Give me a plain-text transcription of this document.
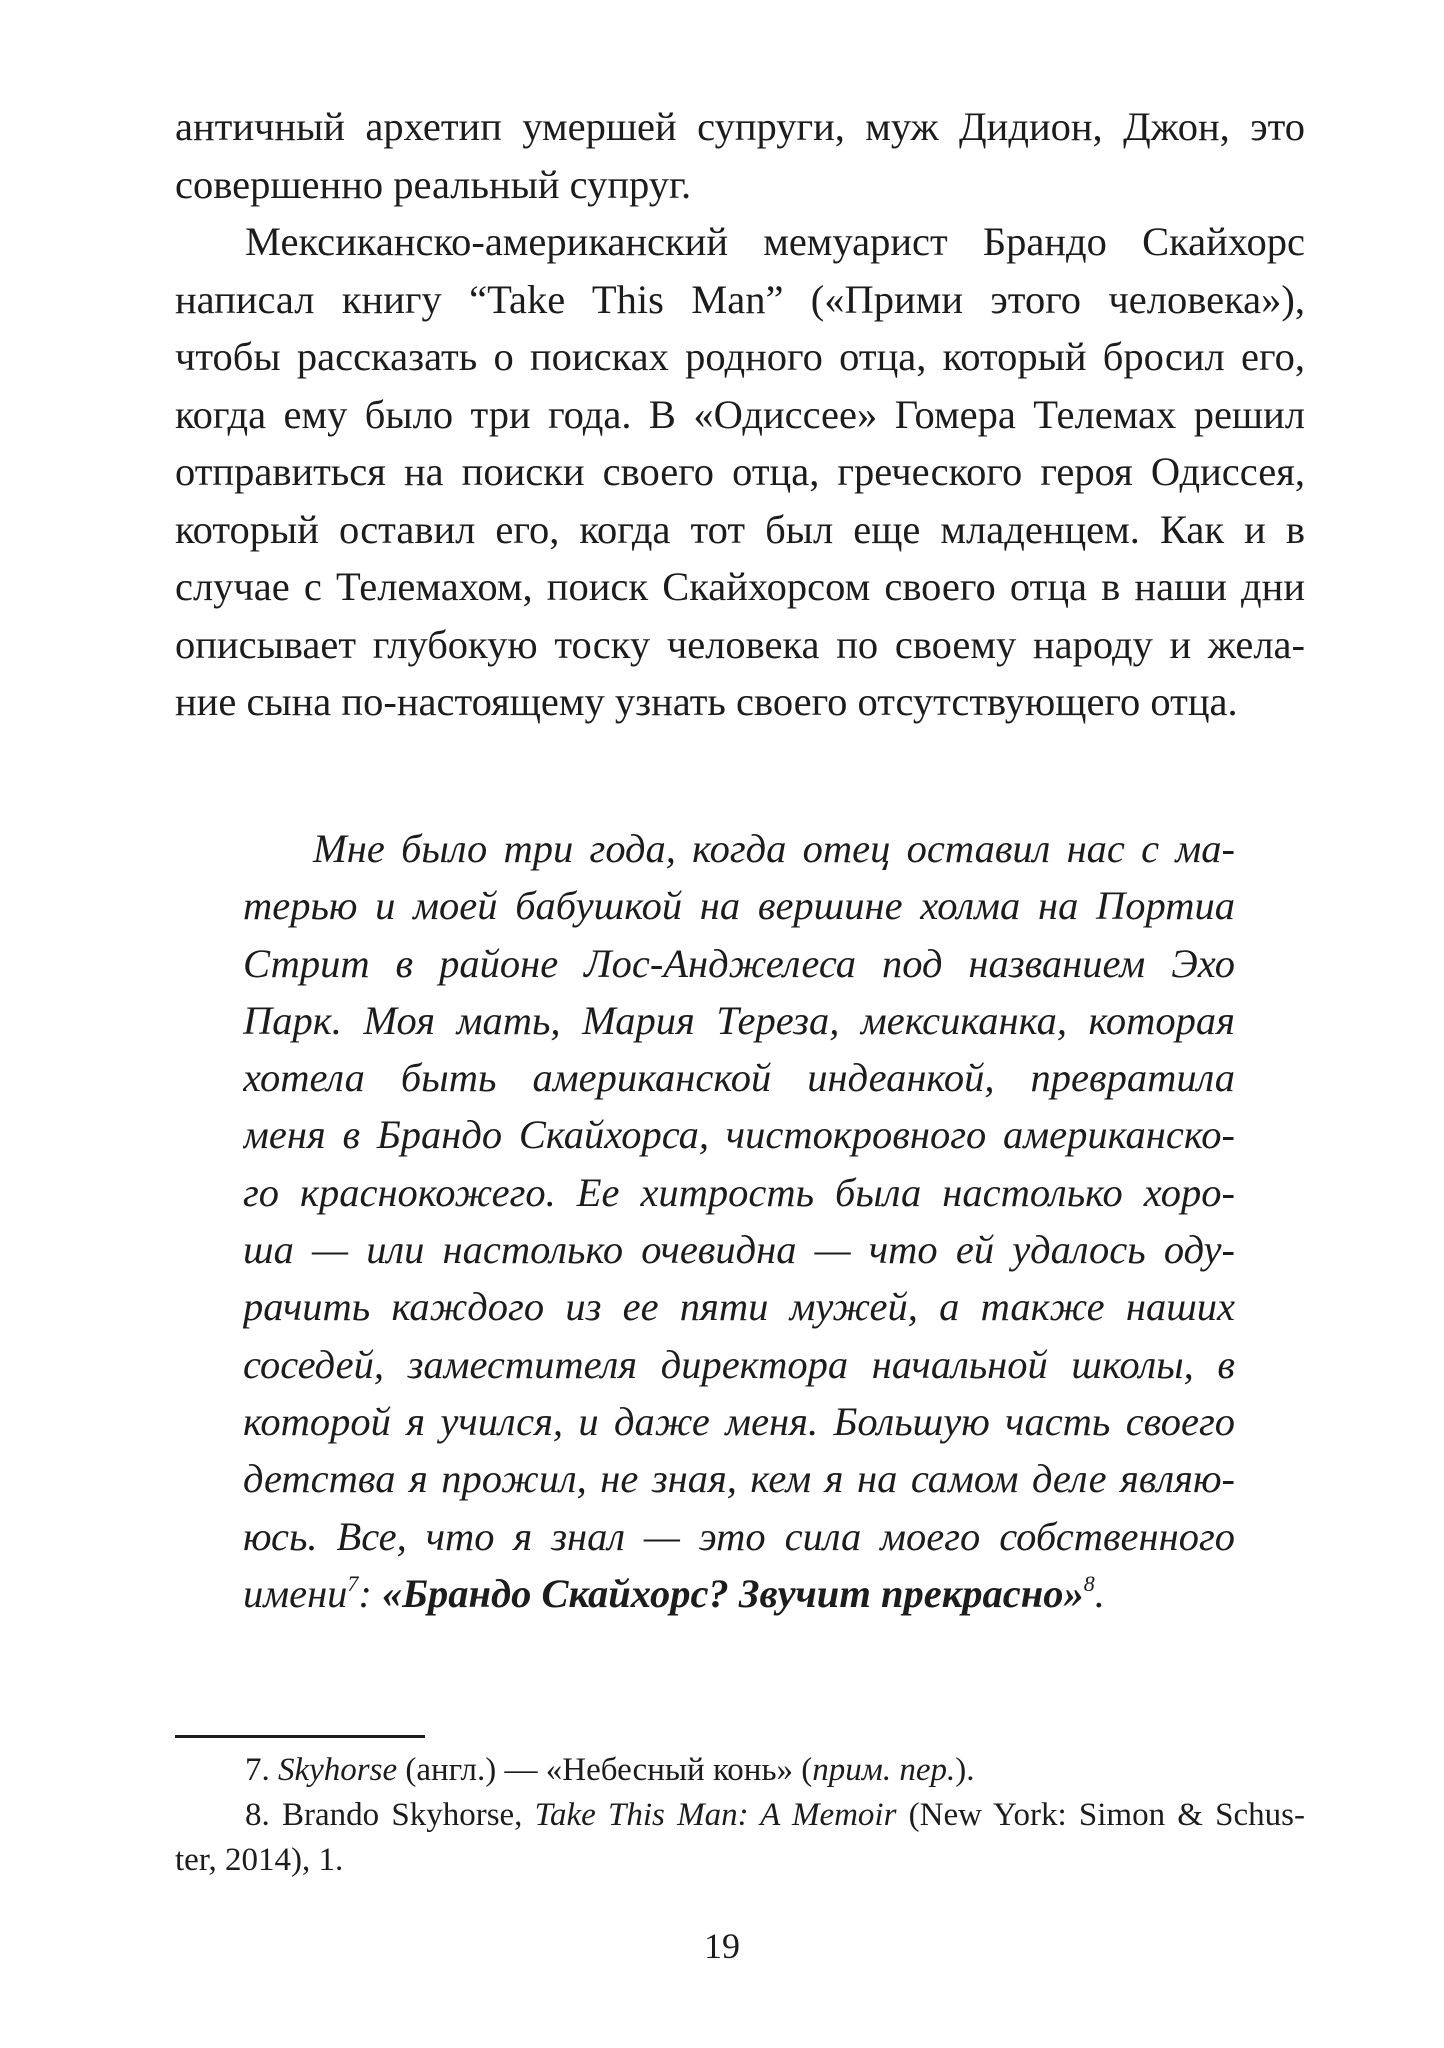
античный архетип умершей супруги, муж Дидион, Джон, это
совершенно реальный супруг.
Мексиканско-американский мемуарист Брандо Скайхорс
написал книгу “Take This Man” («Прими этого человека»),
чтобы рассказать о поисках родного отца, который бросил его,
когда ему было три года. В «Одиссее» Гомера Телемах решил
отправиться на поиски своего отца, греческого героя Одиссея,
который оставил его, когда тот был еще младенцем. Как и в
случае с Телемахом, поиск Скайхорсом своего отца в наши дни
описывает глубокую тоску человека по своему народу и жела-
ние сына по-настоящему узнать своего отсутствующего отца.
Мне было три года, когда отец оставил нас с ма-
терью и моей бабушкой на вершине холма на Портиа
Стрит в районе Лос-Анджелеса под названием Эхо
Парк. Моя мать, Мария Тереза, мексиканка, которая
хотела быть американской индеанкой, превратила
меня в Брандо Скайхорса, чистокровного американско-
го краснокожего. Ее хитрость была настолько хоро-
ша — или настолько очевидна — что ей удалось оду-
рачить каждого из ее пяти мужей, а также наших
соседей, заместителя директора начальной школы, в
которой я учился, и даже меня. Большую часть своего
детства я прожил, не зная, кем я на самом деле являю-
юсь. Все, что я знал — это сила моего собственного
имени$^7$: «Брандо Скайхорс? Звучит прекрасно»$^8$.
7. Skyhorse (англ.) — «Небесный конь» (прим. пер.).
8. Brando Skyhorse, Take This Man: A Memoir (New York: Simon & Schus-
ter, 2014), 1.
19
